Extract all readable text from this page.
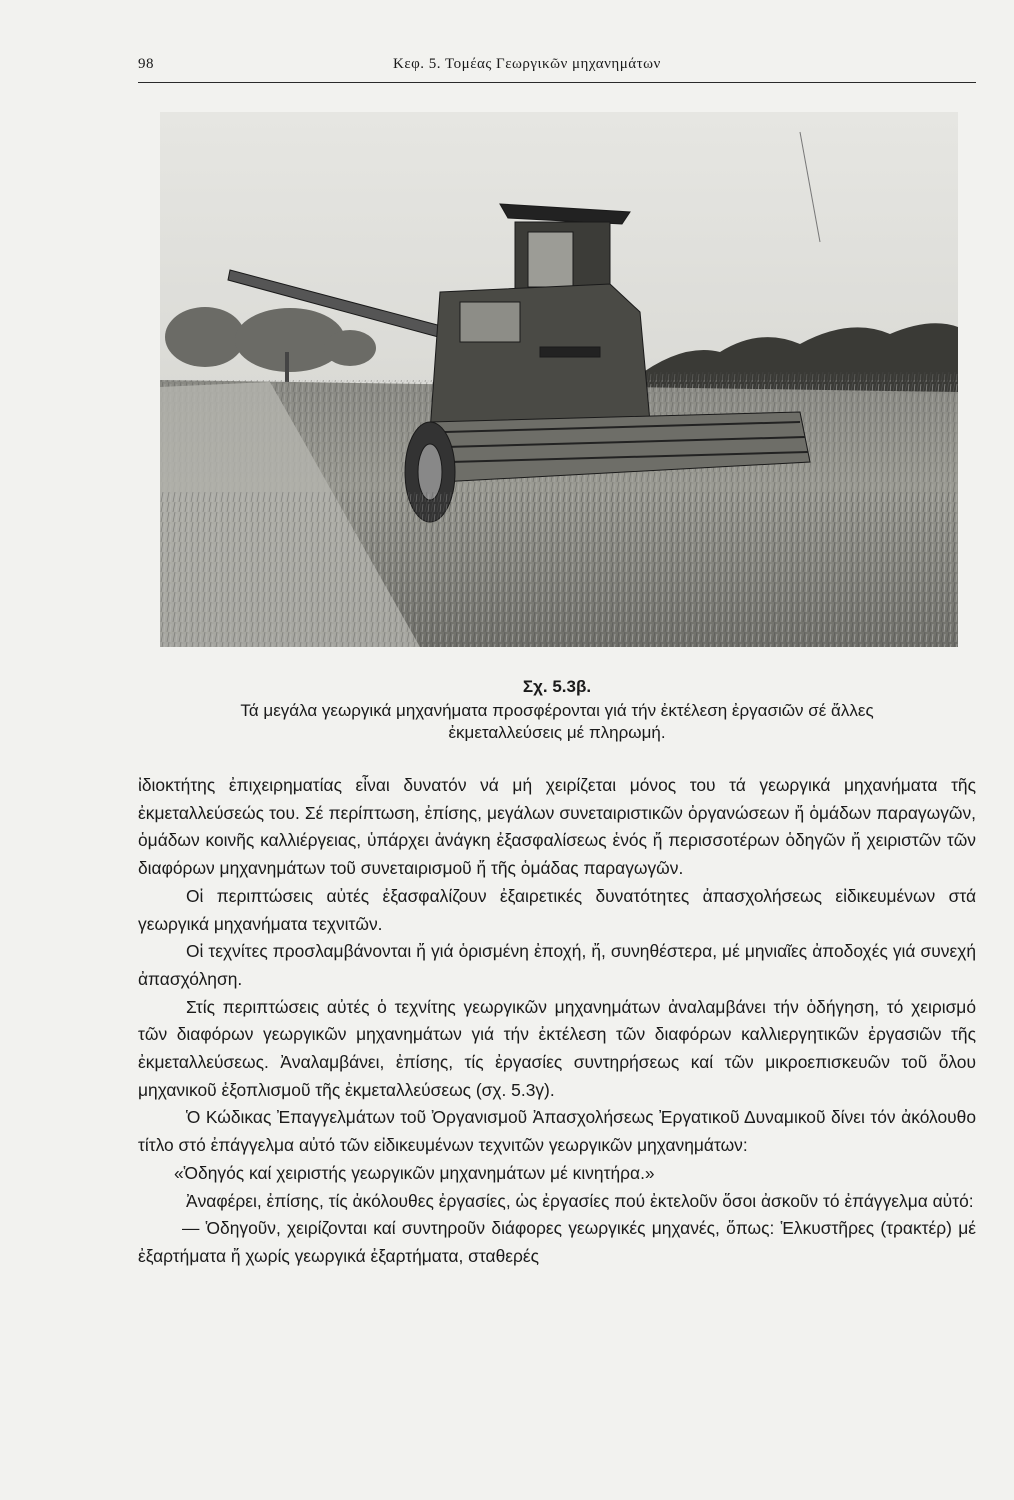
98	Κεφ. 5. Τομέας Γεωργικῶν μηχανημάτων
Σχ. 5.3β.
Τά μεγάλα γεωργικά μηχανήματα προσφέρονται γιά τήν ἐκτέλεση ἐργασιῶν σέ ἄλλες
ἐκμεταλλεύσεις μέ πληρωμή.

ἰδιοκτήτης ἐπιχειρηματίας εἶναι δυνατόν νά μή χειρίζεται μόνος του τά γεωργικά μηχανήματα τῆς ἐκμεταλλεύσεώς του. Σέ περίπτωση, ἐπίσης, μεγάλων συνεταιριστικῶν ὀργανώσεων ἤ ὁμάδων παραγωγῶν, ὁμάδων κοινῆς καλλιέργειας, ὑπάρχει ἀνάγκη ἐξασφαλίσεως ἑνός ἤ περισσοτέρων ὁδηγῶν ἤ χειριστῶν τῶν διαφόρων μηχανημάτων τοῦ συνεταιρισμοῦ ἤ τῆς ὁμάδας παραγωγῶν.

Οἱ περιπτώσεις αὐτές ἐξασφαλίζουν ἐξαιρετικές δυνατότητες ἀπασχολήσεως εἰδικευμένων στά γεωργικά μηχανήματα τεχνιτῶν.

Οἱ τεχνίτες προσλαμβάνονται ἤ γιά ὁρισμένη ἐποχή, ἤ, συνηθέστερα, μέ μηνιαῖες ἀποδοχές γιά συνεχή ἀπασχόληση.

Στίς περιπτώσεις αὐτές ὁ τεχνίτης γεωργικῶν μηχανημάτων ἀναλαμβάνει τήν ὁδήγηση, τό χειρισμό τῶν διαφόρων γεωργικῶν μηχανημάτων γιά τήν ἐκτέλεση τῶν διαφόρων καλλιεργητικῶν ἐργασιῶν τῆς ἐκμεταλλεύσεως. Ἀναλαμβάνει, ἐπίσης, τίς ἐργασίες συντηρήσεως καί τῶν μικροεπισκευῶν τοῦ ὅλου μηχανικοῦ ἐξοπλισμοῦ τῆς ἐκμεταλλεύσεως (σχ. 5.3γ).

Ὁ Κώδικας Ἐπαγγελμάτων τοῦ Ὀργανισμοῦ Ἀπασχολήσεως Ἐργατικοῦ Δυναμικοῦ δίνει τόν ἀκόλουθο τίτλο στό ἐπάγγελμα αὐτό τῶν εἰδικευμένων τεχνιτῶν γεωργικῶν μηχανημάτων:

«Ὁδηγός καί χειριστής γεωργικῶν μηχανημάτων μέ κινητήρα.»

Ἀναφέρει, ἐπίσης, τίς ἀκόλουθες ἐργασίες, ὡς ἐργασίες πού ἐκτελοῦν ὅσοι ἀσκοῦν τό ἐπάγγελμα αὐτό:

— Ὁδηγοῦν, χειρίζονται καί συντηροῦν διάφορες γεωργικές μηχανές, ὅπως: Ἑλκυστῆρες (τρακτέρ) μέ ἐξαρτήματα ἤ χωρίς γεωργικά ἐξαρτήματα, σταθερές
